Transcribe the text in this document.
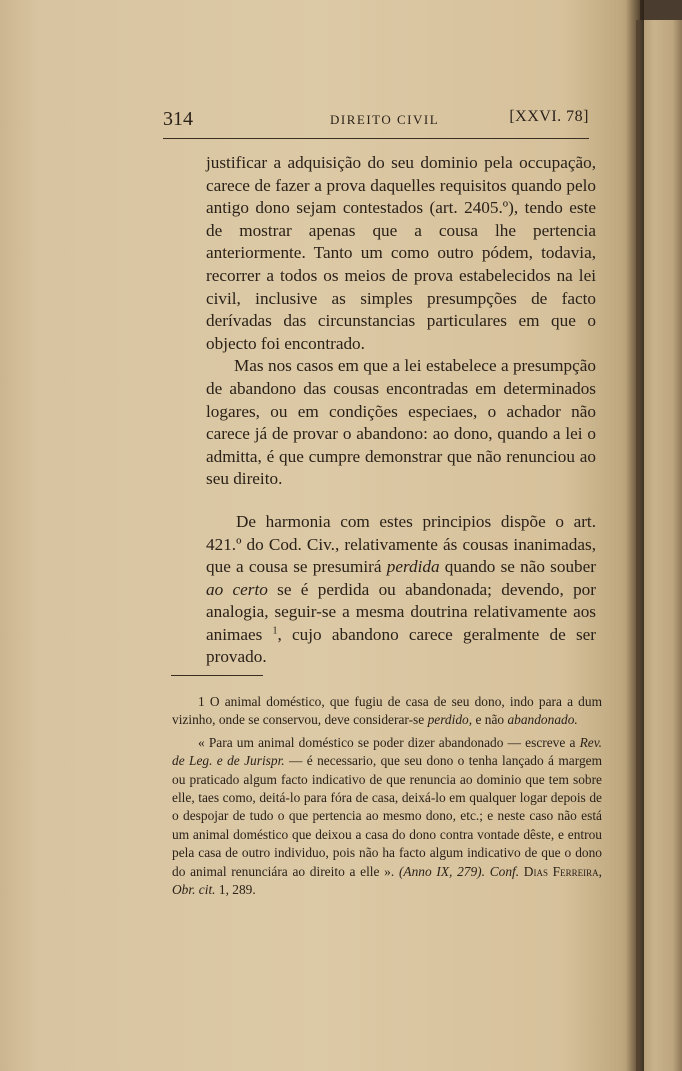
314	DIREITO CIVIL	[XXVI. 78]

justificar a adquisição do seu dominio pela occupação, carece de fazer a prova daquelles requisitos quando pelo antigo dono sejam contestados (art. 2405.º), tendo este de mostrar apenas que a cousa lhe pertencia anteriormente. Tanto um como outro pódem, todavia, recorrer a todos os meios de prova estabelecidos na lei civil, inclusive as simples presumpções de facto derívadas das circunstancias particulares em que o objecto foi encontrado.

Mas nos casos em que a lei estabelece a presumpção de abandono das cousas encontradas em determinados logares, ou em condições especiaes, o achador não carece já de provar o abandono: ao dono, quando a lei o admitta, é que cumpre demonstrar que não renunciou ao seu direito.

De harmonia com estes principios dispõe o art. 421.º do Cod. Civ., relativamente ás cousas inanimadas, que a cousa se presumirá perdida quando se não souber ao certo se é perdida ou abandonada; devendo, por analogia, seguir-se a mesma doutrina relativamente aos animaes $^1$, cujo abandono carece geralmente de ser provado.

1 O animal doméstico, que fugiu de casa de seu dono, indo para a dum vizinho, onde se conservou, deve considerar-se perdido, e não abandonado.

« Para um animal doméstico se poder dizer abandonado — escreve a Rev. de Leg. e de Jurispr. — é necessario, que seu dono o tenha lançado á margem ou praticado algum facto indicativo de que renuncia ao dominio que tem sobre elle, taes como, deitá-lo para fóra de casa, deixá-lo em qualquer logar depois de o despojar de tudo o que pertencia ao mesmo dono, etc.; e neste caso não está um animal doméstico que deixou a casa do dono contra vontade dêste, e entrou pela casa de outro individuo, pois não ha facto algum indicativo de que o dono do animal renunciára ao direito a elle ». (Anno IX, 279). Conf. Dias Ferreira, Obr. cit. 1, 289.
